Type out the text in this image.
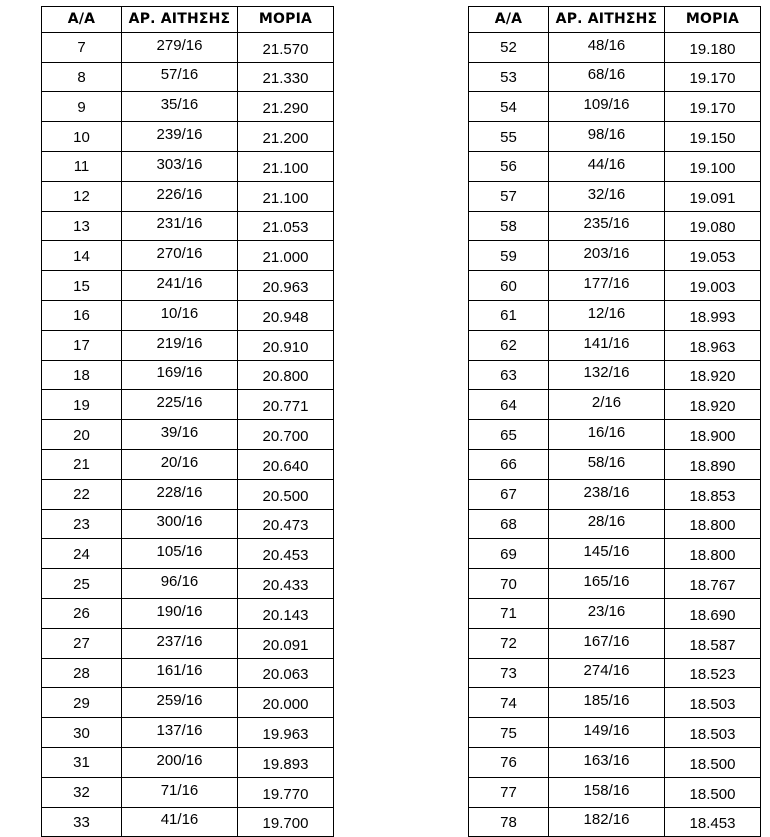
Α/Α	ΑΡ. ΑΙΤΗΣΗΣ	ΜΟΡΙΑ
7	279/16	21.570
8	57/16	21.330
9	35/16	21.290
10	239/16	21.200
11	303/16	21.100
12	226/16	21.100
13	231/16	21.053
14	270/16	21.000
15	241/16	20.963
16	10/16	20.948
17	219/16	20.910
18	169/16	20.800
19	225/16	20.771
20	39/16	20.700
21	20/16	20.640
22	228/16	20.500
23	300/16	20.473
24	105/16	20.453
25	96/16	20.433
26	190/16	20.143
27	237/16	20.091
28	161/16	20.063
29	259/16	20.000
30	137/16	19.963
31	200/16	19.893
32	71/16	19.770
33	41/16	19.700
Α/Α	ΑΡ. ΑΙΤΗΣΗΣ	ΜΟΡΙΑ
52	48/16	19.180
53	68/16	19.170
54	109/16	19.170
55	98/16	19.150
56	44/16	19.100
57	32/16	19.091
58	235/16	19.080
59	203/16	19.053
60	177/16	19.003
61	12/16	18.993
62	141/16	18.963
63	132/16	18.920
64	2/16	18.920
65	16/16	18.900
66	58/16	18.890
67	238/16	18.853
68	28/16	18.800
69	145/16	18.800
70	165/16	18.767
71	23/16	18.690
72	167/16	18.587
73	274/16	18.523
74	185/16	18.503
75	149/16	18.503
76	163/16	18.500
77	158/16	18.500
78	182/16	18.453
